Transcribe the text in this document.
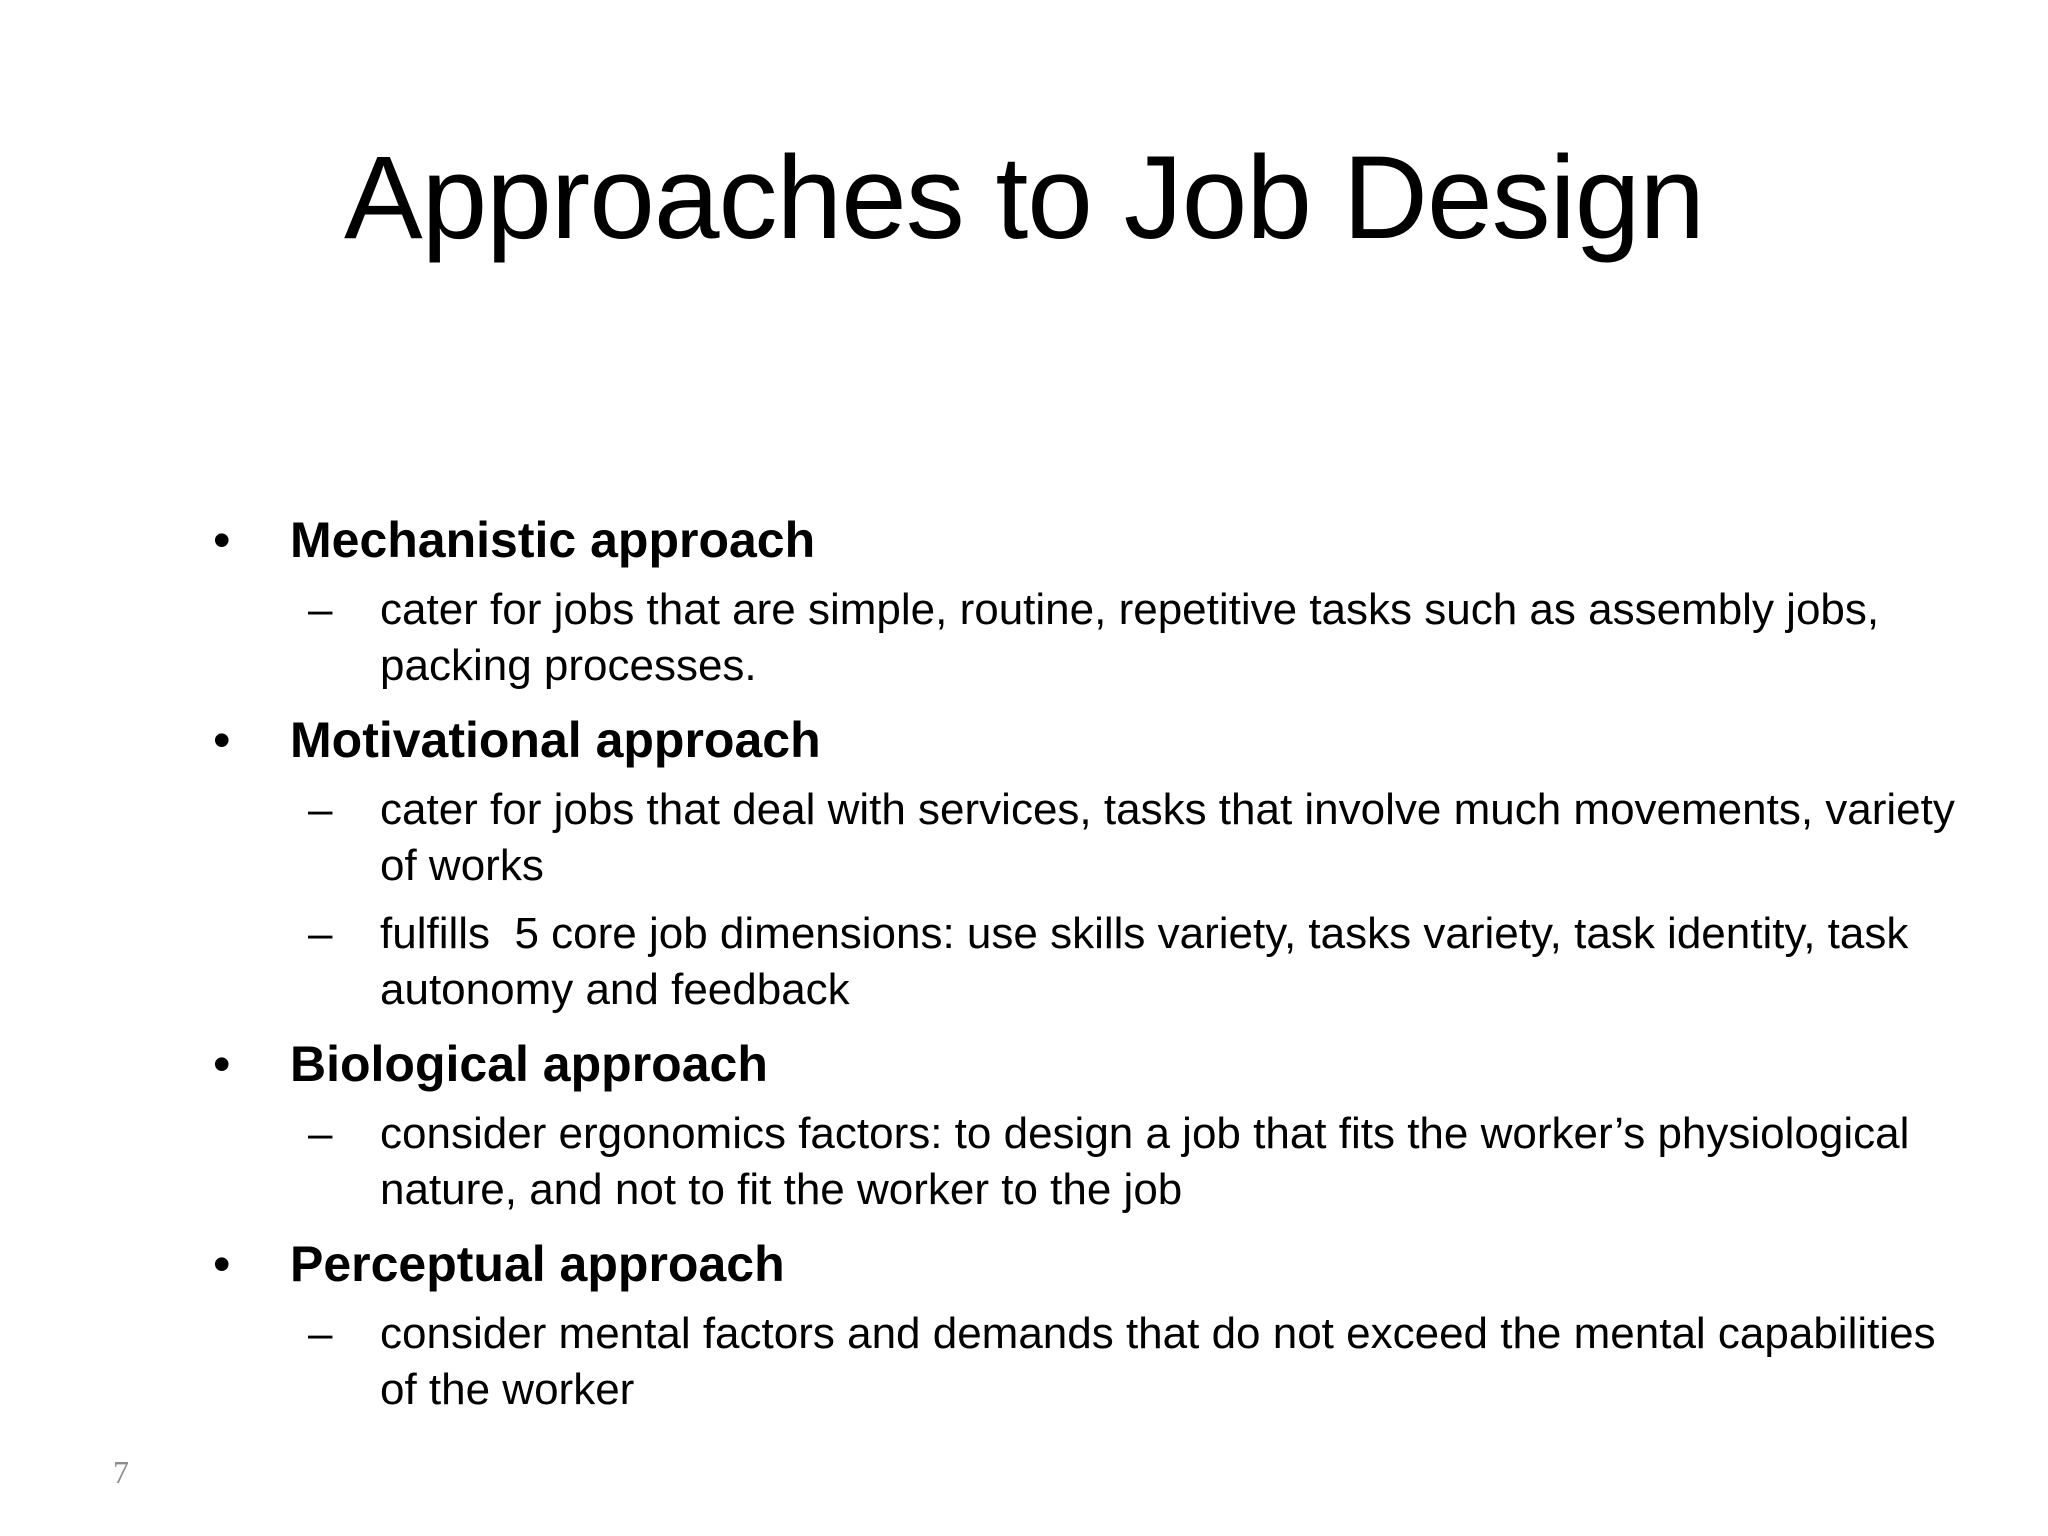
Approaches to Job Design
• Mechanistic approach
– cater for jobs that are simple, routine, repetitive tasks such as assembly jobs, packing processes.
• Motivational approach
– cater for jobs that deal with services, tasks that involve much movements, variety of works
– fulfills  5 core job dimensions: use skills variety, tasks variety, task identity, task autonomy and feedback
• Biological approach
– consider ergonomics factors: to design a job that fits the worker’s physiological nature, and not to fit the worker to the job
• Perceptual approach
– consider mental factors and demands that do not exceed the mental capabilities of the worker
7
